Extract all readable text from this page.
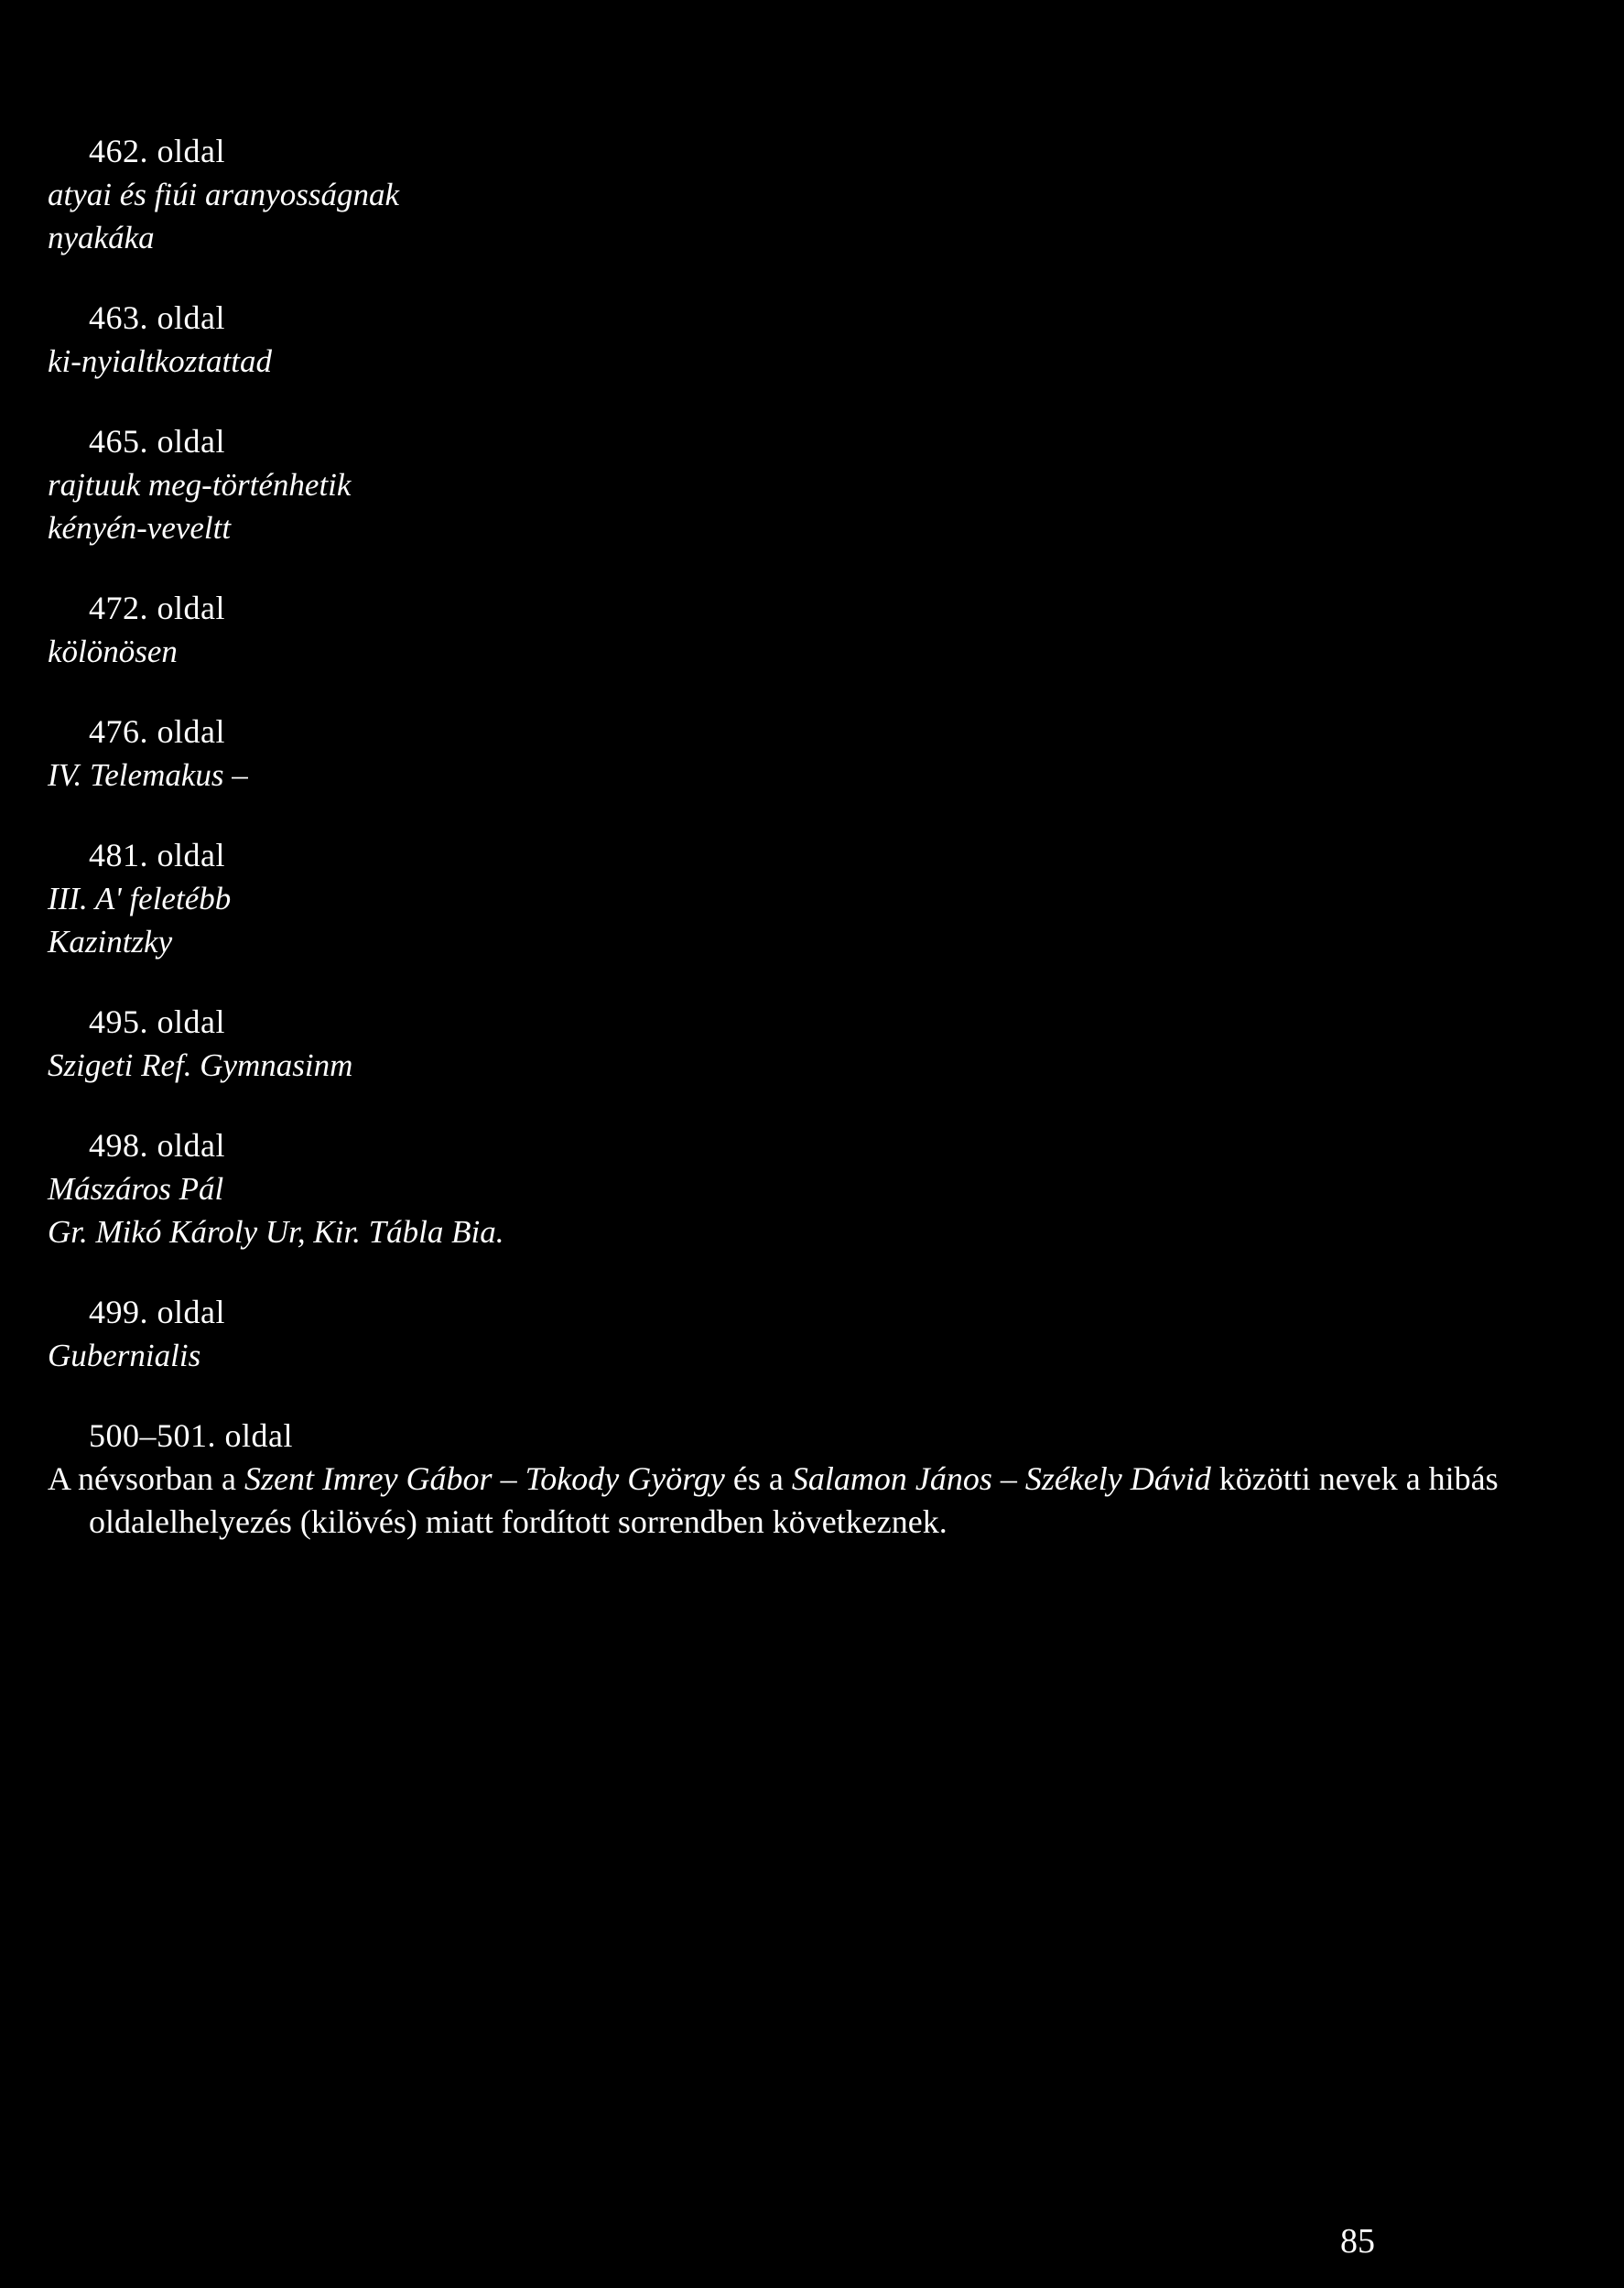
462. oldal
atyai és fiúi aranyosságnak
nyakáka
463. oldal
ki-nyialtkoztattad
465. oldal
rajtuuk meg-történhetik
kényén-veveltt
472. oldal
kölönösen
476. oldal
IV. Telemakus –
481. oldal
III. A' feletébb
Kazintzky
495. oldal
Szigeti Ref. Gymnasinm
498. oldal
Mászáros Pál
Gr. Mikó Károly Ur, Kir. Tábla Bia.
499. oldal
Gubernialis
500–501. oldal
A névsorban a Szent Imrey Gábor – Tokody György és a Salamon János – Székely Dávid közötti nevek a hibás oldalelhelyezés (kilövés) miatt fordított sorrendben következnek.
85
